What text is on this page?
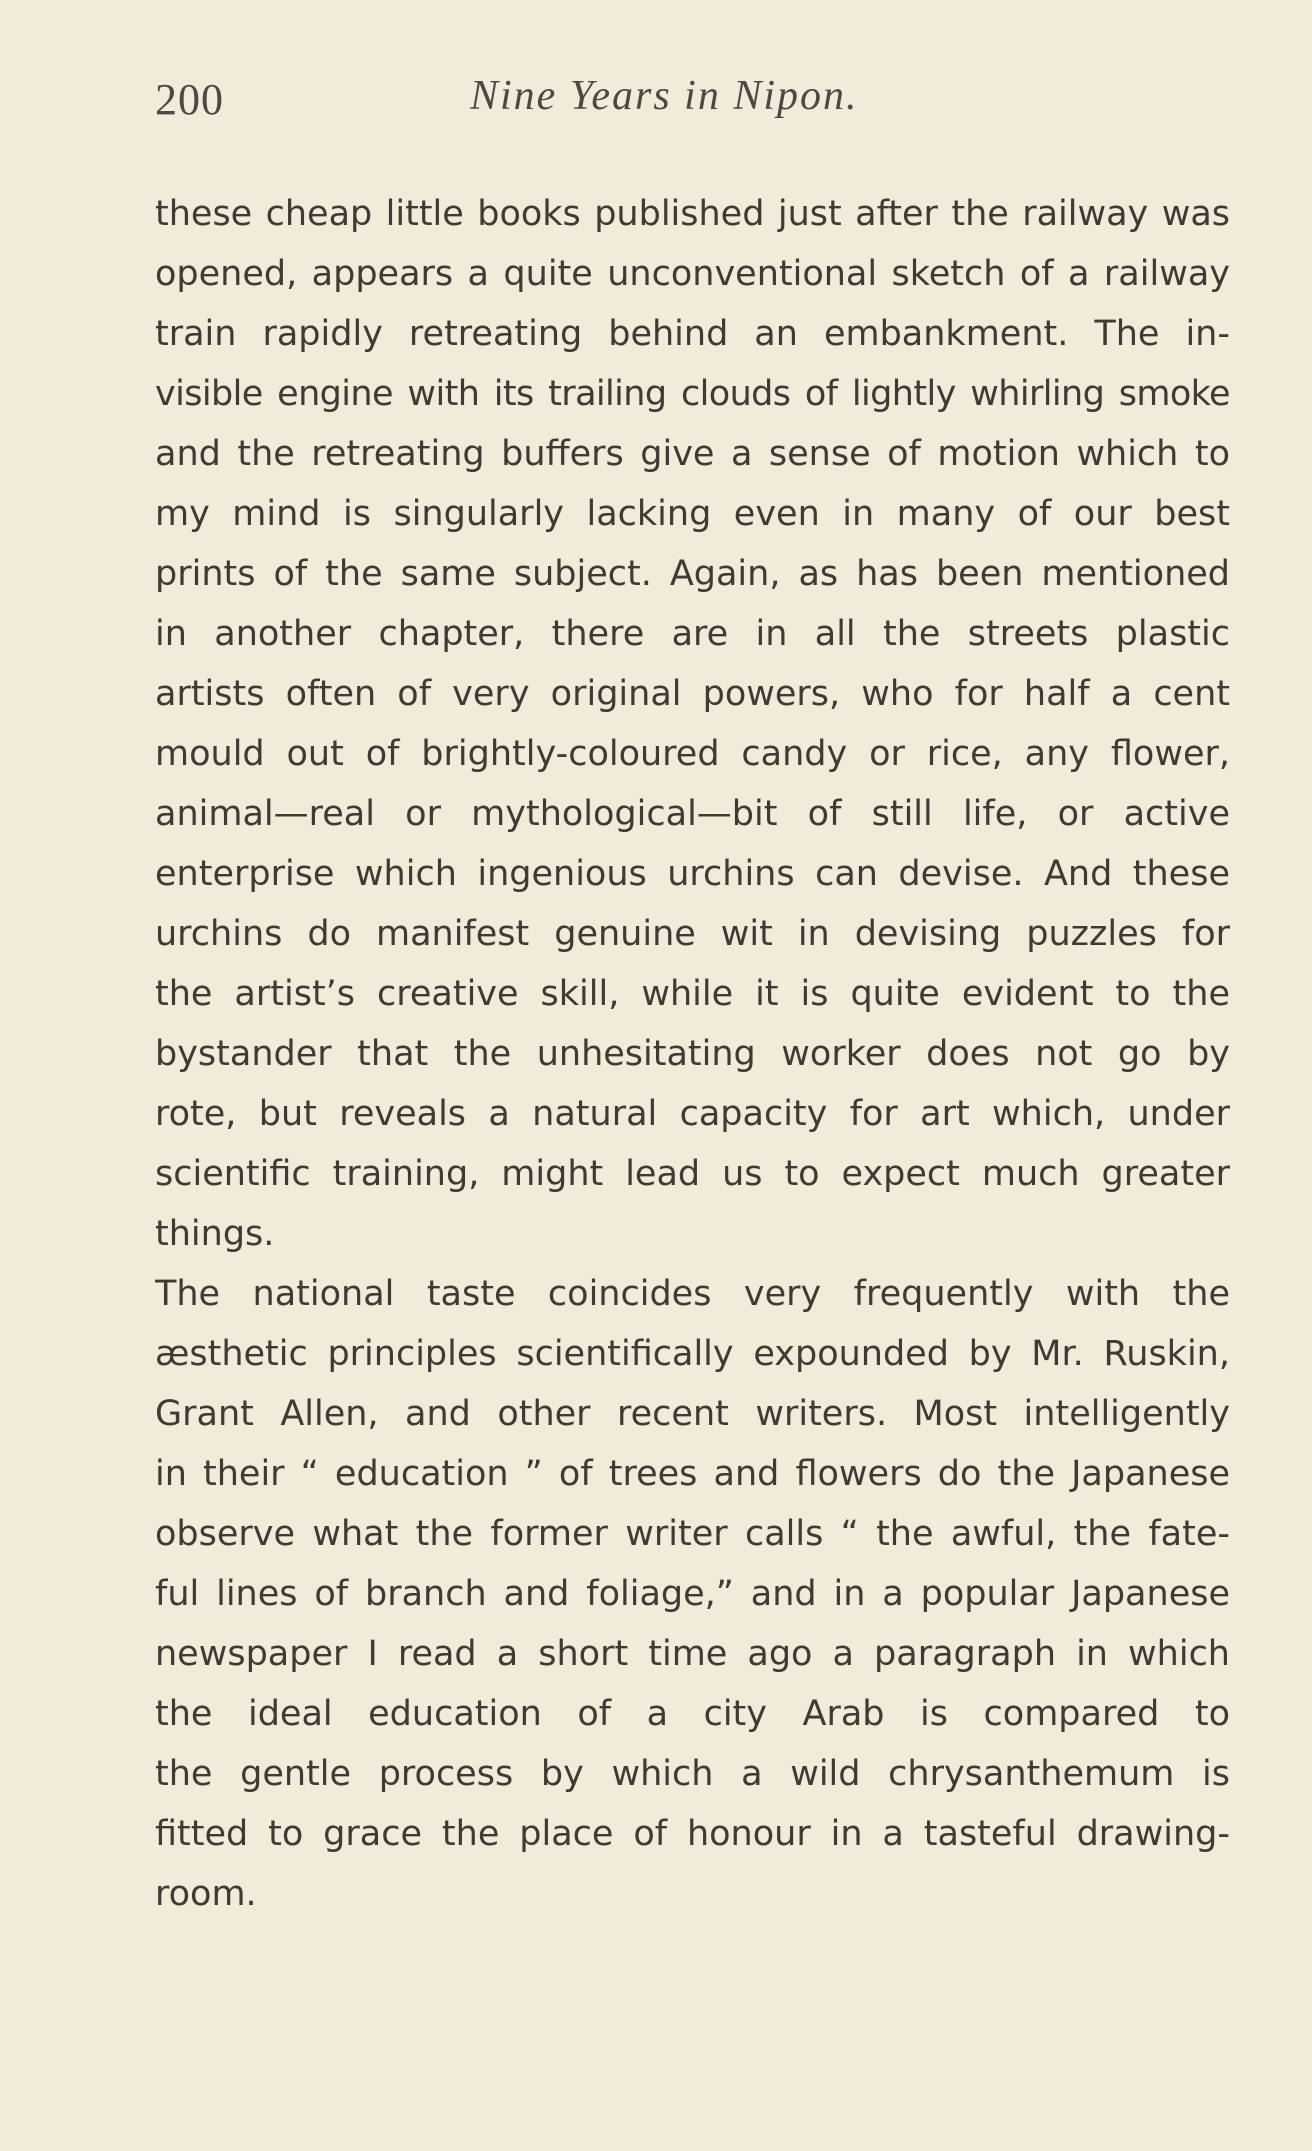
200	Nine Years in Nipon.
these cheap little books published just after the railway was
opened, appears a quite unconventional sketch of a railway
train rapidly retreating behind an embankment. The in-
visible engine with its trailing clouds of lightly whirling smoke
and the retreating buffers give a sense of motion which to
my mind is singularly lacking even in many of our best
prints of the same subject. Again, as has been mentioned
in another chapter, there are in all the streets plastic
artists often of very original powers, who for half a cent
mould out of brightly-coloured candy or rice, any flower,
animal—real or mythological—bit of still life, or active
enterprise which ingenious urchins can devise. And these
urchins do manifest genuine wit in devising puzzles for
the artist’s creative skill, while it is quite evident to the
bystander that the unhesitating worker does not go by
rote, but reveals a natural capacity for art which, under
scientific training, might lead us to expect much greater
things.
The national taste coincides very frequently with the
æsthetic principles scientifically expounded by Mr. Ruskin,
Grant Allen, and other recent writers. Most intelligently
in their “ education ” of trees and flowers do the Japanese
observe what the former writer calls “ the awful, the fate-
ful lines of branch and foliage,” and in a popular Japanese
newspaper I read a short time ago a paragraph in which
the ideal education of a city Arab is compared to
the gentle process by which a wild chrysanthemum is
fitted to grace the place of honour in a tasteful drawing-
room.
